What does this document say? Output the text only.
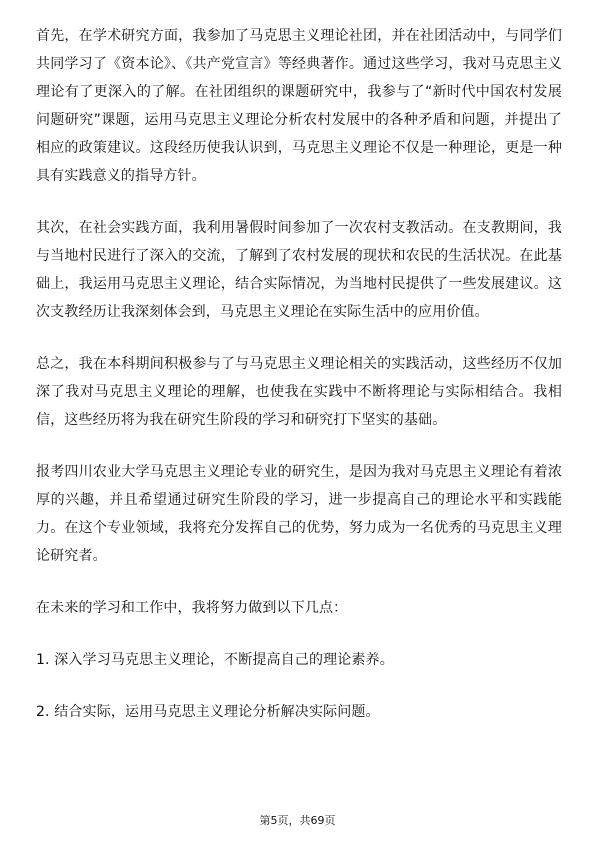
首先，在学术研究方面，我参加了马克思主义理论社团，并在社团活动中，与同学们共同学习了《资本论》、《共产党宣言》等经典著作。通过这些学习，我对马克思主义理论有了更深入的了解。在社团组织的课题研究中，我参与了“新时代中国农村发展问题研究”课题，运用马克思主义理论分析农村发展中的各种矛盾和问题，并提出了相应的政策建议。这段经历使我认识到，马克思主义理论不仅是一种理论，更是一种具有实践意义的指导方针。

其次，在社会实践方面，我利用暑假时间参加了一次农村支教活动。在支教期间，我与当地村民进行了深入的交流，了解到了农村发展的现状和农民的生活状况。在此基础上，我运用马克思主义理论，结合实际情况，为当地村民提供了一些发展建议。这次支教经历让我深刻体会到，马克思主义理论在实际生活中的应用价值。

总之，我在本科期间积极参与了与马克思主义理论相关的实践活动，这些经历不仅加深了我对马克思主义理论的理解，也使我在实践中不断将理论与实际相结合。我相信，这些经历将为我在研究生阶段的学习和研究打下坚实的基础。

报考四川农业大学马克思主义理论专业的研究生，是因为我对马克思主义理论有着浓厚的兴趣，并且希望通过研究生阶段的学习，进一步提高自己的理论水平和实践能力。在这个专业领域，我将充分发挥自己的优势，努力成为一名优秀的马克思主义理论研究者。

在未来的学习和工作中，我将努力做到以下几点：

1. 深入学习马克思主义理论，不断提高自己的理论素养。

2. 结合实际，运用马克思主义理论分析解决实际问题。

第5页，共69页
